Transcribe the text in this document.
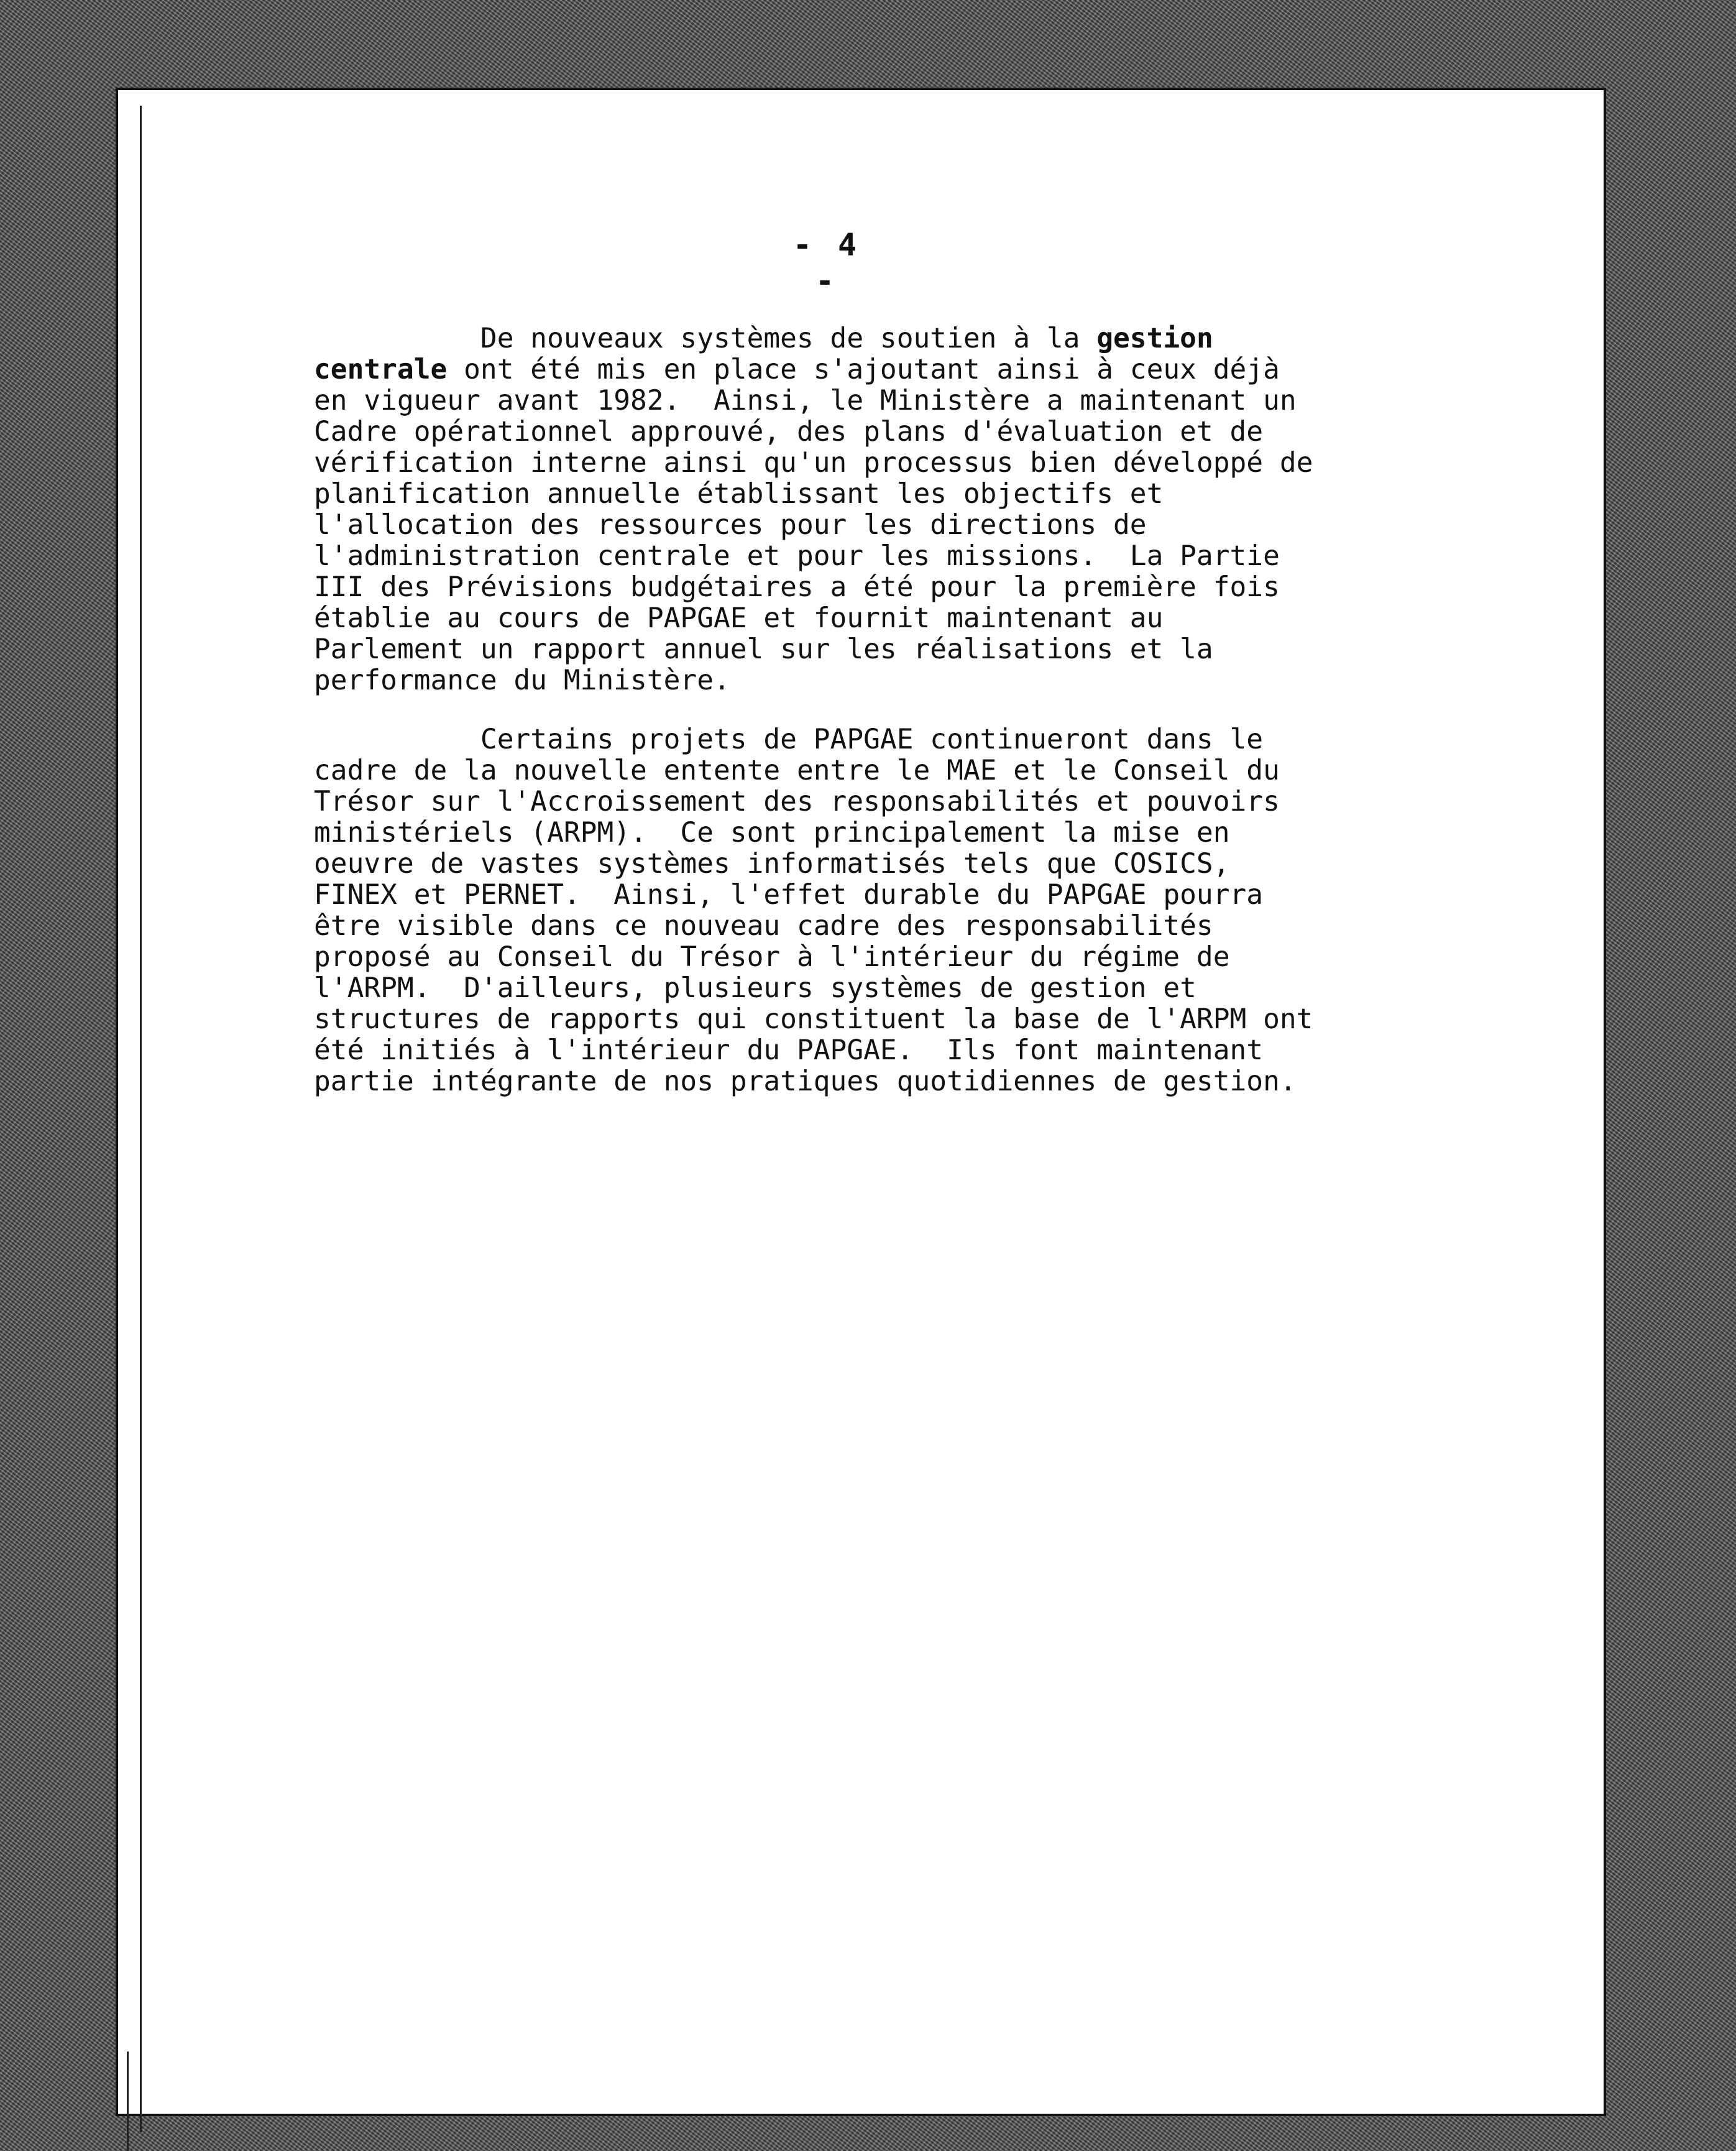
- 4 -
De nouveaux systèmes de soutien à la gestion
centrale ont été mis en place s'ajoutant ainsi à ceux déjà
en vigueur avant 1982.  Ainsi, le Ministère a maintenant un
Cadre opérationnel approuvé, des plans d'évaluation et de
vérification interne ainsi qu'un processus bien développé de
planification annuelle établissant les objectifs et
l'allocation des ressources pour les directions de
l'administration centrale et pour les missions.  La Partie
III des Prévisions budgétaires a été pour la première fois
établie au cours de PAPGAE et fournit maintenant au
Parlement un rapport annuel sur les réalisations et la
performance du Ministère.
Certains projets de PAPGAE continueront dans le
cadre de la nouvelle entente entre le MAE et le Conseil du
Trésor sur l'Accroissement des responsabilités et pouvoirs
ministériels (ARPM).  Ce sont principalement la mise en
oeuvre de vastes systèmes informatisés tels que COSICS,
FINEX et PERNET.  Ainsi, l'effet durable du PAPGAE pourra
être visible dans ce nouveau cadre des responsabilités
proposé au Conseil du Trésor à l'intérieur du régime de
l'ARPM.  D'ailleurs, plusieurs systèmes de gestion et
structures de rapports qui constituent la base de l'ARPM ont
été initiés à l'intérieur du PAPGAE.  Ils font maintenant
partie intégrante de nos pratiques quotidiennes de gestion.
